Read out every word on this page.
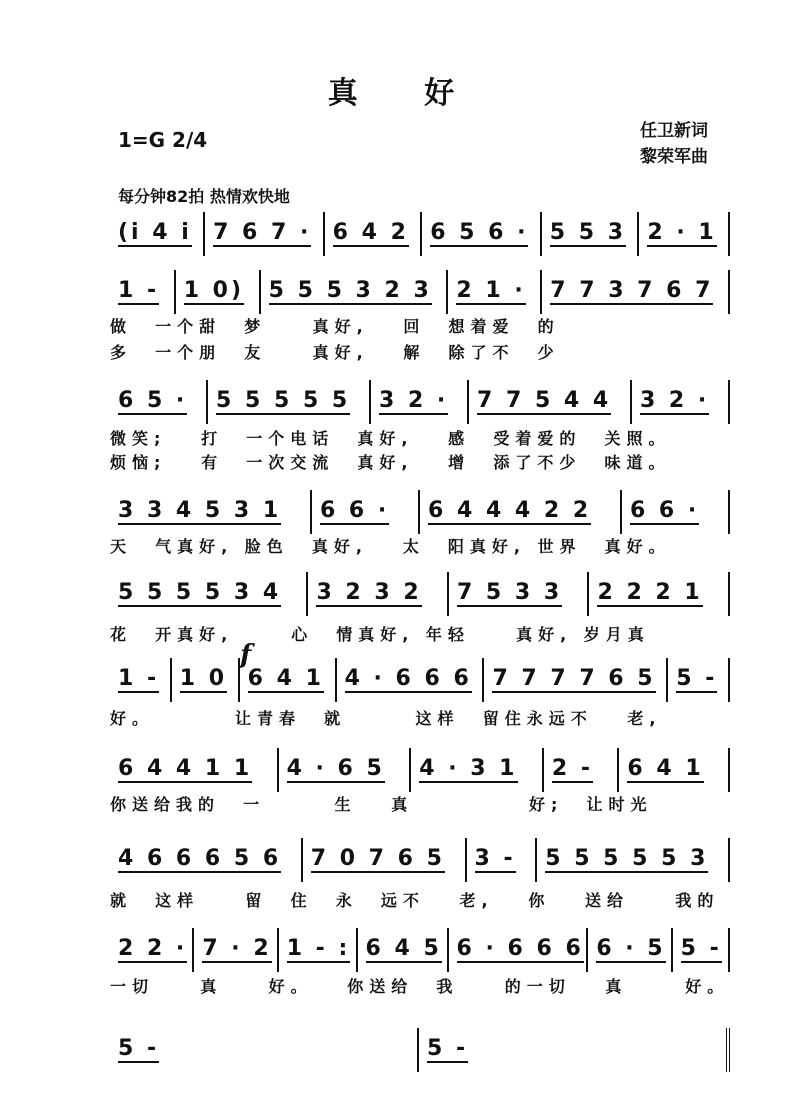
真 好
1=G 2/4	任卫新词
黎荣军曲
每分钟82拍 热情欢快地
f
(i 4 i 7 6 7 · 6 4 2 6 5 6 · 5 5 3 2 · 1
1 - 1 0) 5 5 5 3 2 3 2 1 · 7 7 3 7 6 7
做  一个甜  梦    真好,   回  想着爱  的
多  一个朋  友    真好,   解  除了不  少
6 5 · 5 5 5 5 5 3 2 · 7 7 5 4 4 3 2 ·
微笑;   打  一个电话  真好,   感  受着爱的  关照。
烦恼;   有  一次交流  真好,   增  添了不少  味道。
3 3 4 5 3 1 6 6 · 6 4 4 4 2 2 6 6 ·
天  气真好, 脸色  真好,   太  阳真好, 世界  真好。
5 5 5 5 3 4 3 2 3 2 7 5 3 3 2 2 2 1
花  开真好,     心  情真好, 年轻    真好, 岁月真
1 - 1 0 6 4 1 4 · 6 6 6 7 7 7 7 6 5 5 -
好。       让青春  就      这样  留住永远不   老,
6 4 4 1 1 4 · 6 5 4 · 3 1 2 - 6 4 1
你送给我的  一      生   真          好;  让时光
4 6 6 6 5 6 7 0 7 6 5 3 - 5 5 5 5 5 3
就  这样    留  住  永  远不   老,   你   送给    我的
2 2 · 7 · 2 1 - : 6 4 5 6 · 6 6 6 6 · 5 5 -
一切    真    好。   你送给  我    的一切   真     好。
5 -	5 -
